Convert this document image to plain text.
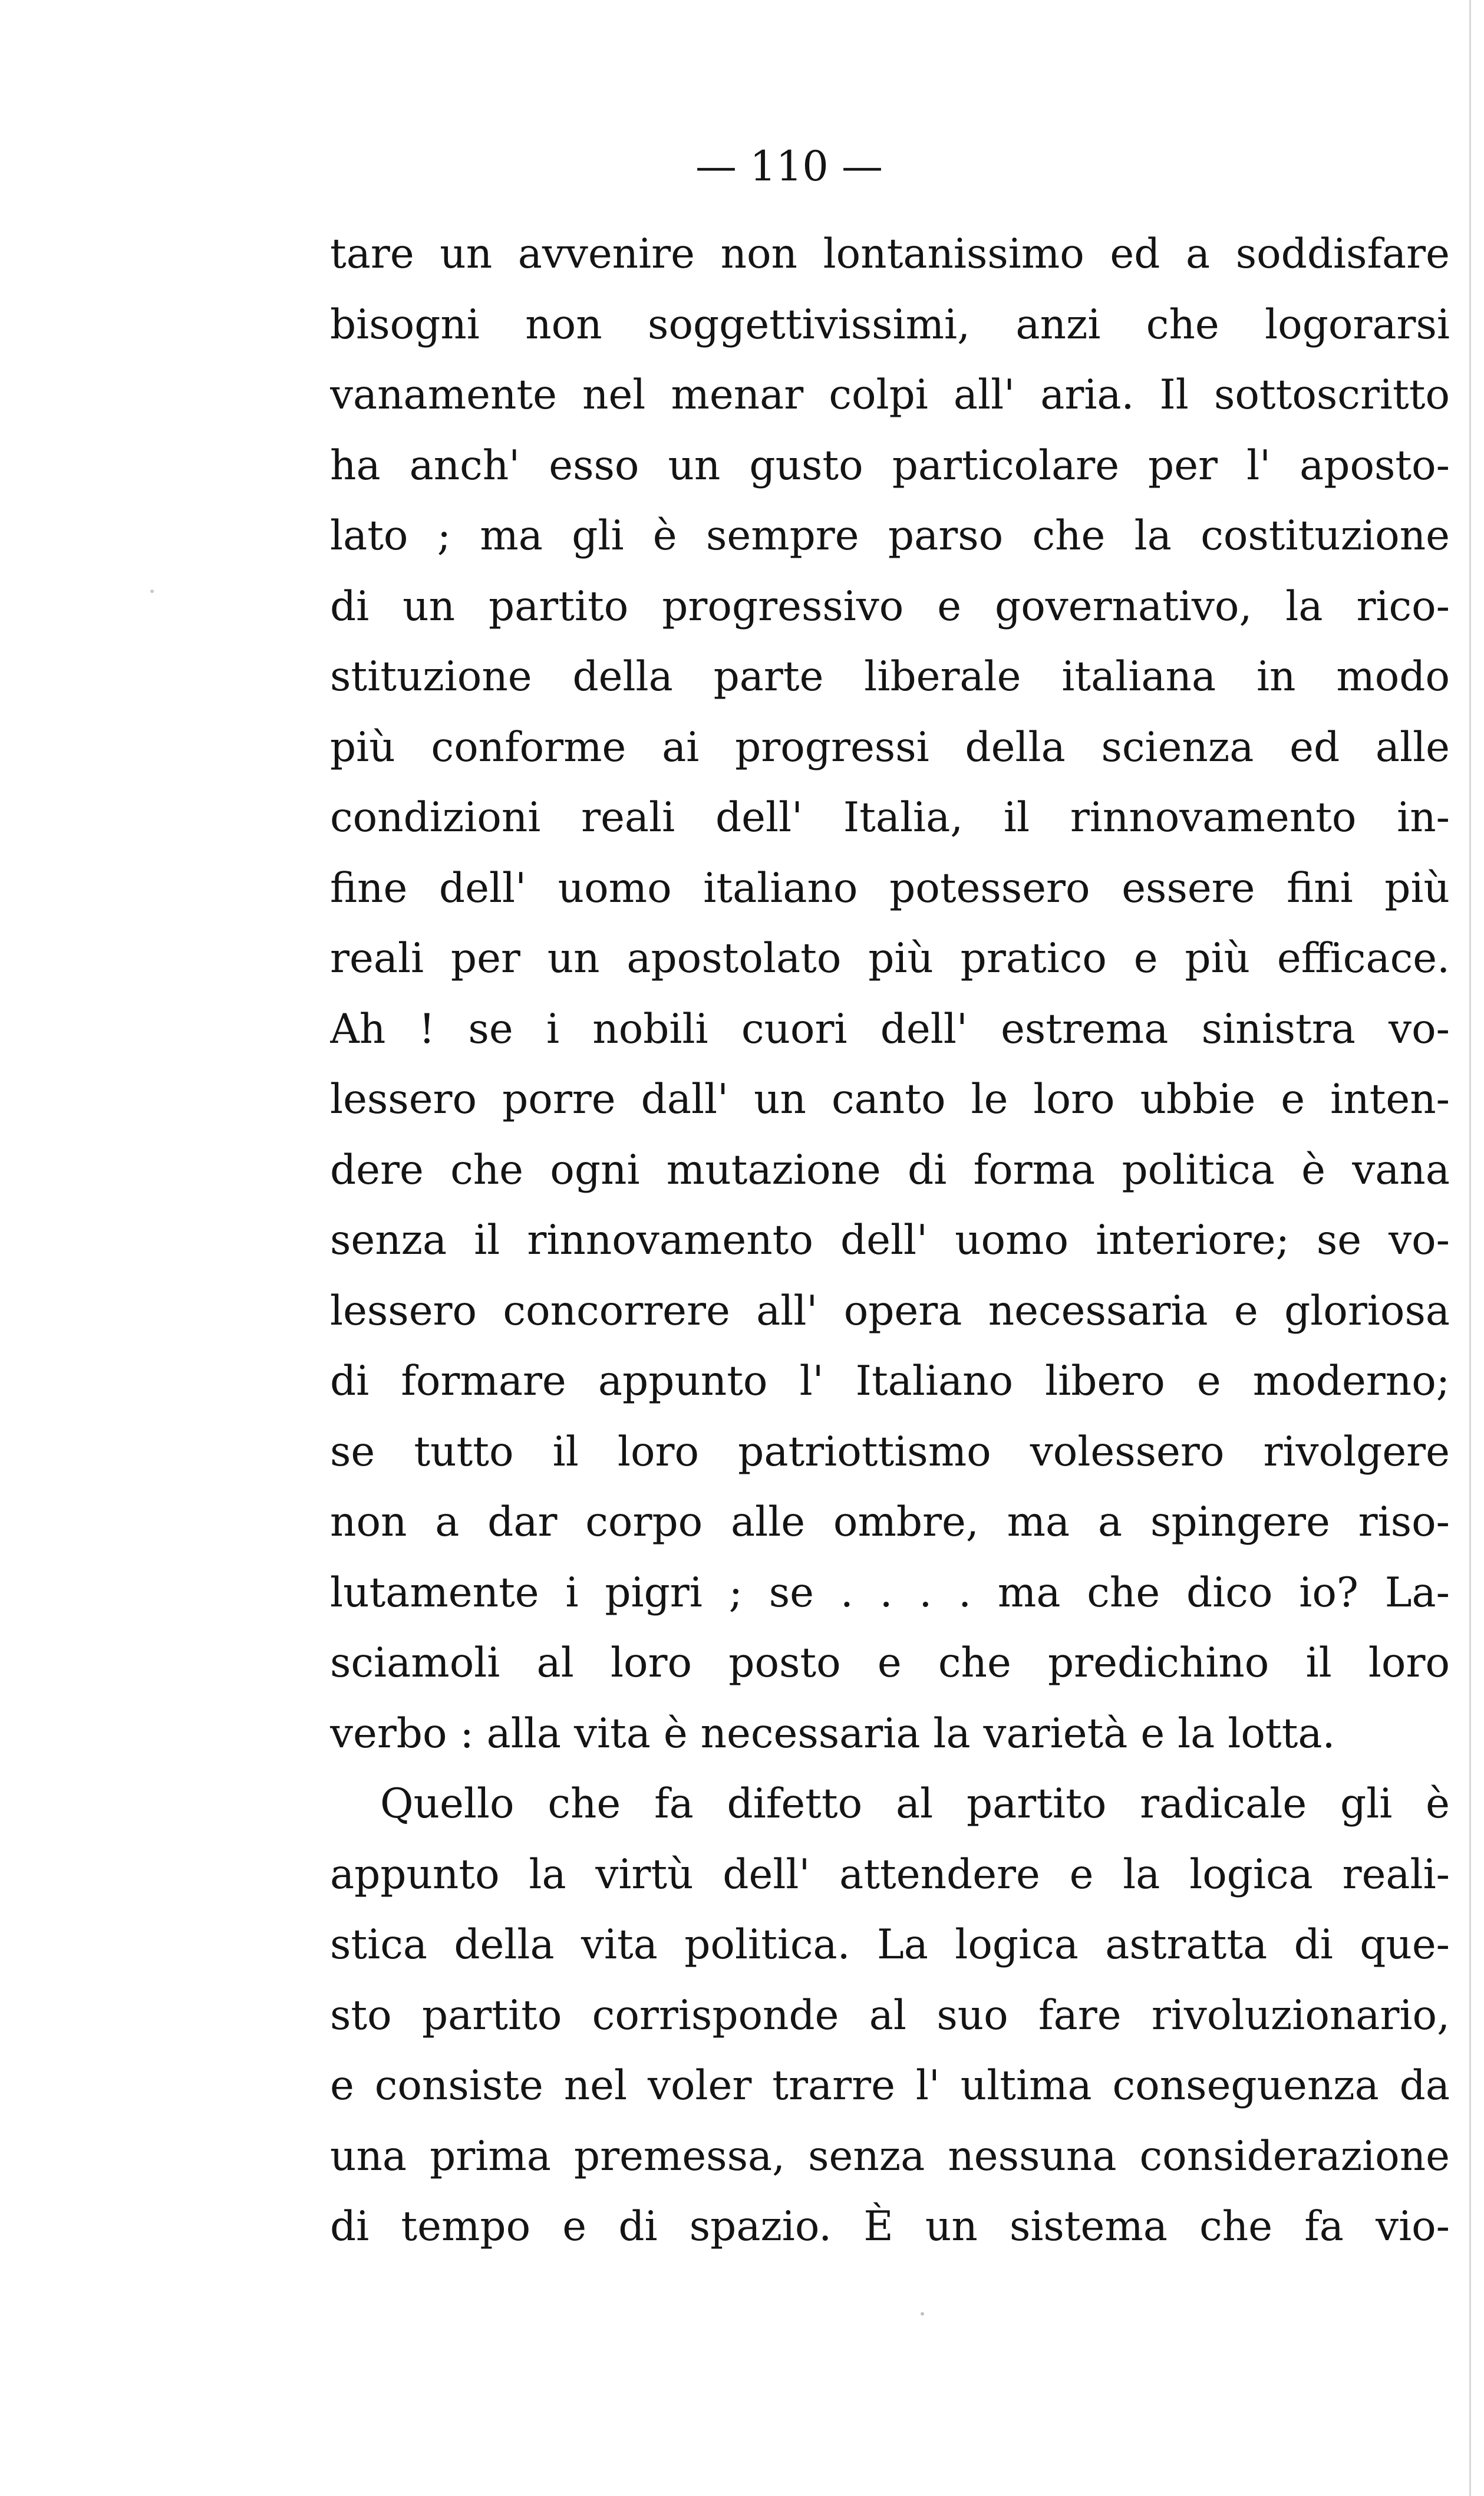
— 110 —
tare un avvenire non lontanissimo ed a soddisfare
bisogni non soggettivissimi, anzi che logorarsi
vanamente nel menar colpi all' aria. Il sottoscritto
ha anch' esso un gusto particolare per l' aposto-
lato ; ma gli è sempre parso che la costituzione
di un partito progressivo e governativo, la rico-
stituzione della parte liberale italiana in modo
più conforme ai progressi della scienza ed alle
condizioni reali dell' Italia, il rinnovamento in-
fine dell' uomo italiano potessero essere fini più
reali per un apostolato più pratico e più efficace.
Ah ! se i nobili cuori dell' estrema sinistra vo-
lessero porre dall' un canto le loro ubbie e inten-
dere che ogni mutazione di forma politica è vana
senza il rinnovamento dell' uomo interiore; se vo-
lessero concorrere all' opera necessaria e gloriosa
di formare appunto l' Italiano libero e moderno;
se tutto il loro patriottismo volessero rivolgere
non a dar corpo alle ombre, ma a spingere riso-
lutamente i pigri ; se . . . . ma che dico io? La-
sciamoli al loro posto e che predichino il loro
verbo : alla vita è necessaria la varietà e la lotta.
Quello che fa difetto al partito radicale gli è
appunto la virtù dell' attendere e la logica reali-
stica della vita politica. La logica astratta di que-
sto partito corrisponde al suo fare rivoluzionario,
e consiste nel voler trarre l' ultima conseguenza da
una prima premessa, senza nessuna considerazione
di tempo e di spazio. È un sistema che fa vio-
